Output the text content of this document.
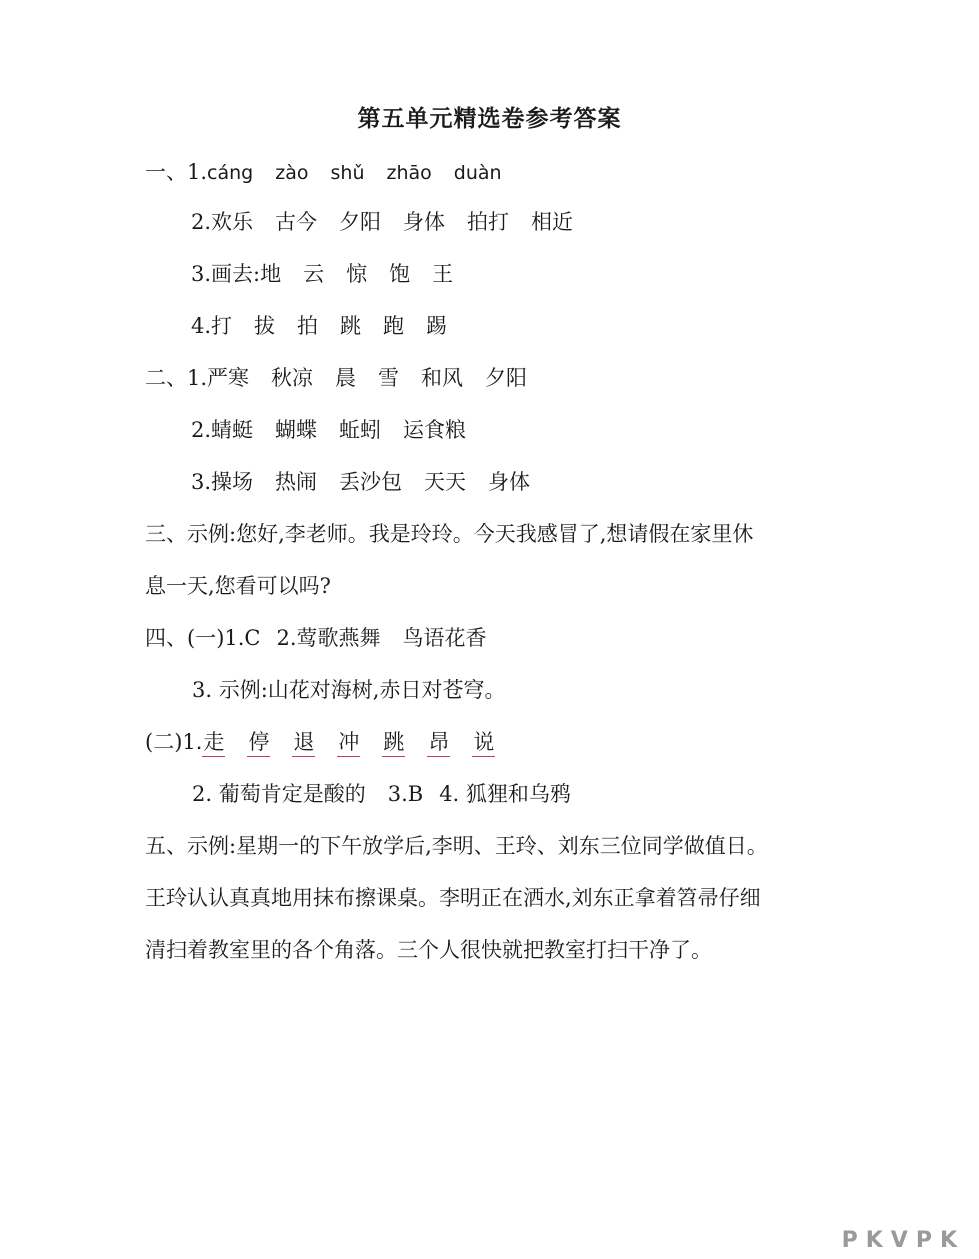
第五单元精选卷参考答案
一、1.cáng zào shǔ zhāo duàn
2.欢乐 古今 夕阳 身体 拍打 相近
3.画去:地 云 惊 饱 王
4.打 拔 拍 跳 跑 踢
二、1.严寒 秋凉 晨 雪 和风 夕阳
2.蜻蜓 蝴蝶 蚯蚓 运食粮
3.操场 热闹 丢沙包 天天 身体
三、示例:您好,李老师。我是玲玲。今天我感冒了,想请假在家里休
息一天,您看可以吗?
四、(一)1.C 2.莺歌燕舞 鸟语花香
3. 示例:山花对海树,赤日对苍穹。
(二)1.走 停 退 冲 跳 昂 说
2. 葡萄肯定是酸的 3.B 4. 狐狸和乌鸦
五、示例:星期一的下午放学后,李明、王玲、刘东三位同学做值日。
王玲认认真真地用抹布擦课桌。李明正在洒水,刘东正拿着笤帚仔细
清扫着教室里的各个角落。三个人很快就把教室打扫干净了。
PKVPK
